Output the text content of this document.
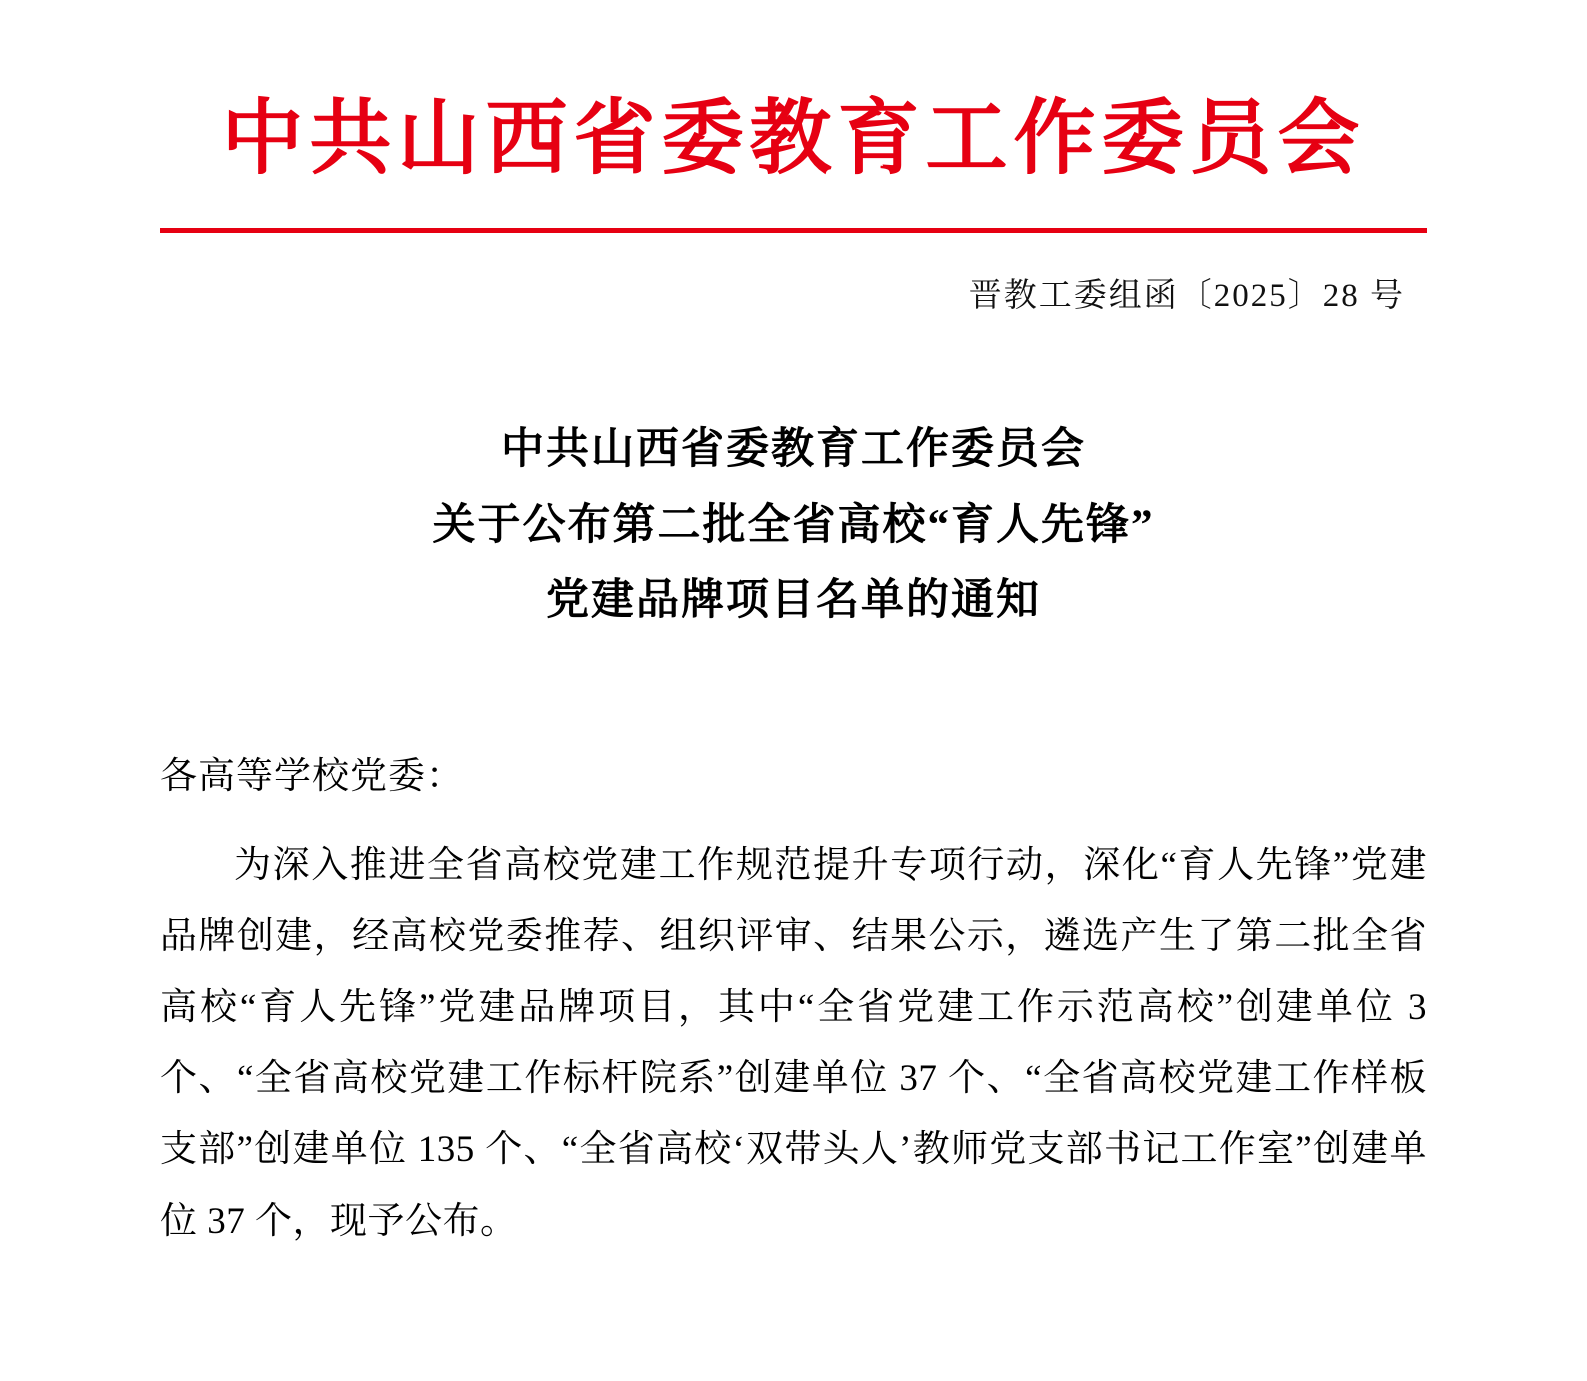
中共山西省委教育工作委员会
晋教工委组函〔2025〕28 号
中共山西省委教育工作委员会
关于公布第二批全省高校“育人先锋”
党建品牌项目名单的通知
各高等学校党委：
为深入推进全省高校党建工作规范提升专项行动，深化“育人先锋”党建品牌创建，经高校党委推荐、组织评审、结果公示，遴选产生了第二批全省高校“育人先锋”党建品牌项目，其中“全省党建工作示范高校”创建单位 3 个、“全省高校党建工作标杆院系”创建单位 37 个、“全省高校党建工作样板支部”创建单位 135 个、“全省高校‘双带头人’教师党支部书记工作室”创建单位 37 个，现予公布。
